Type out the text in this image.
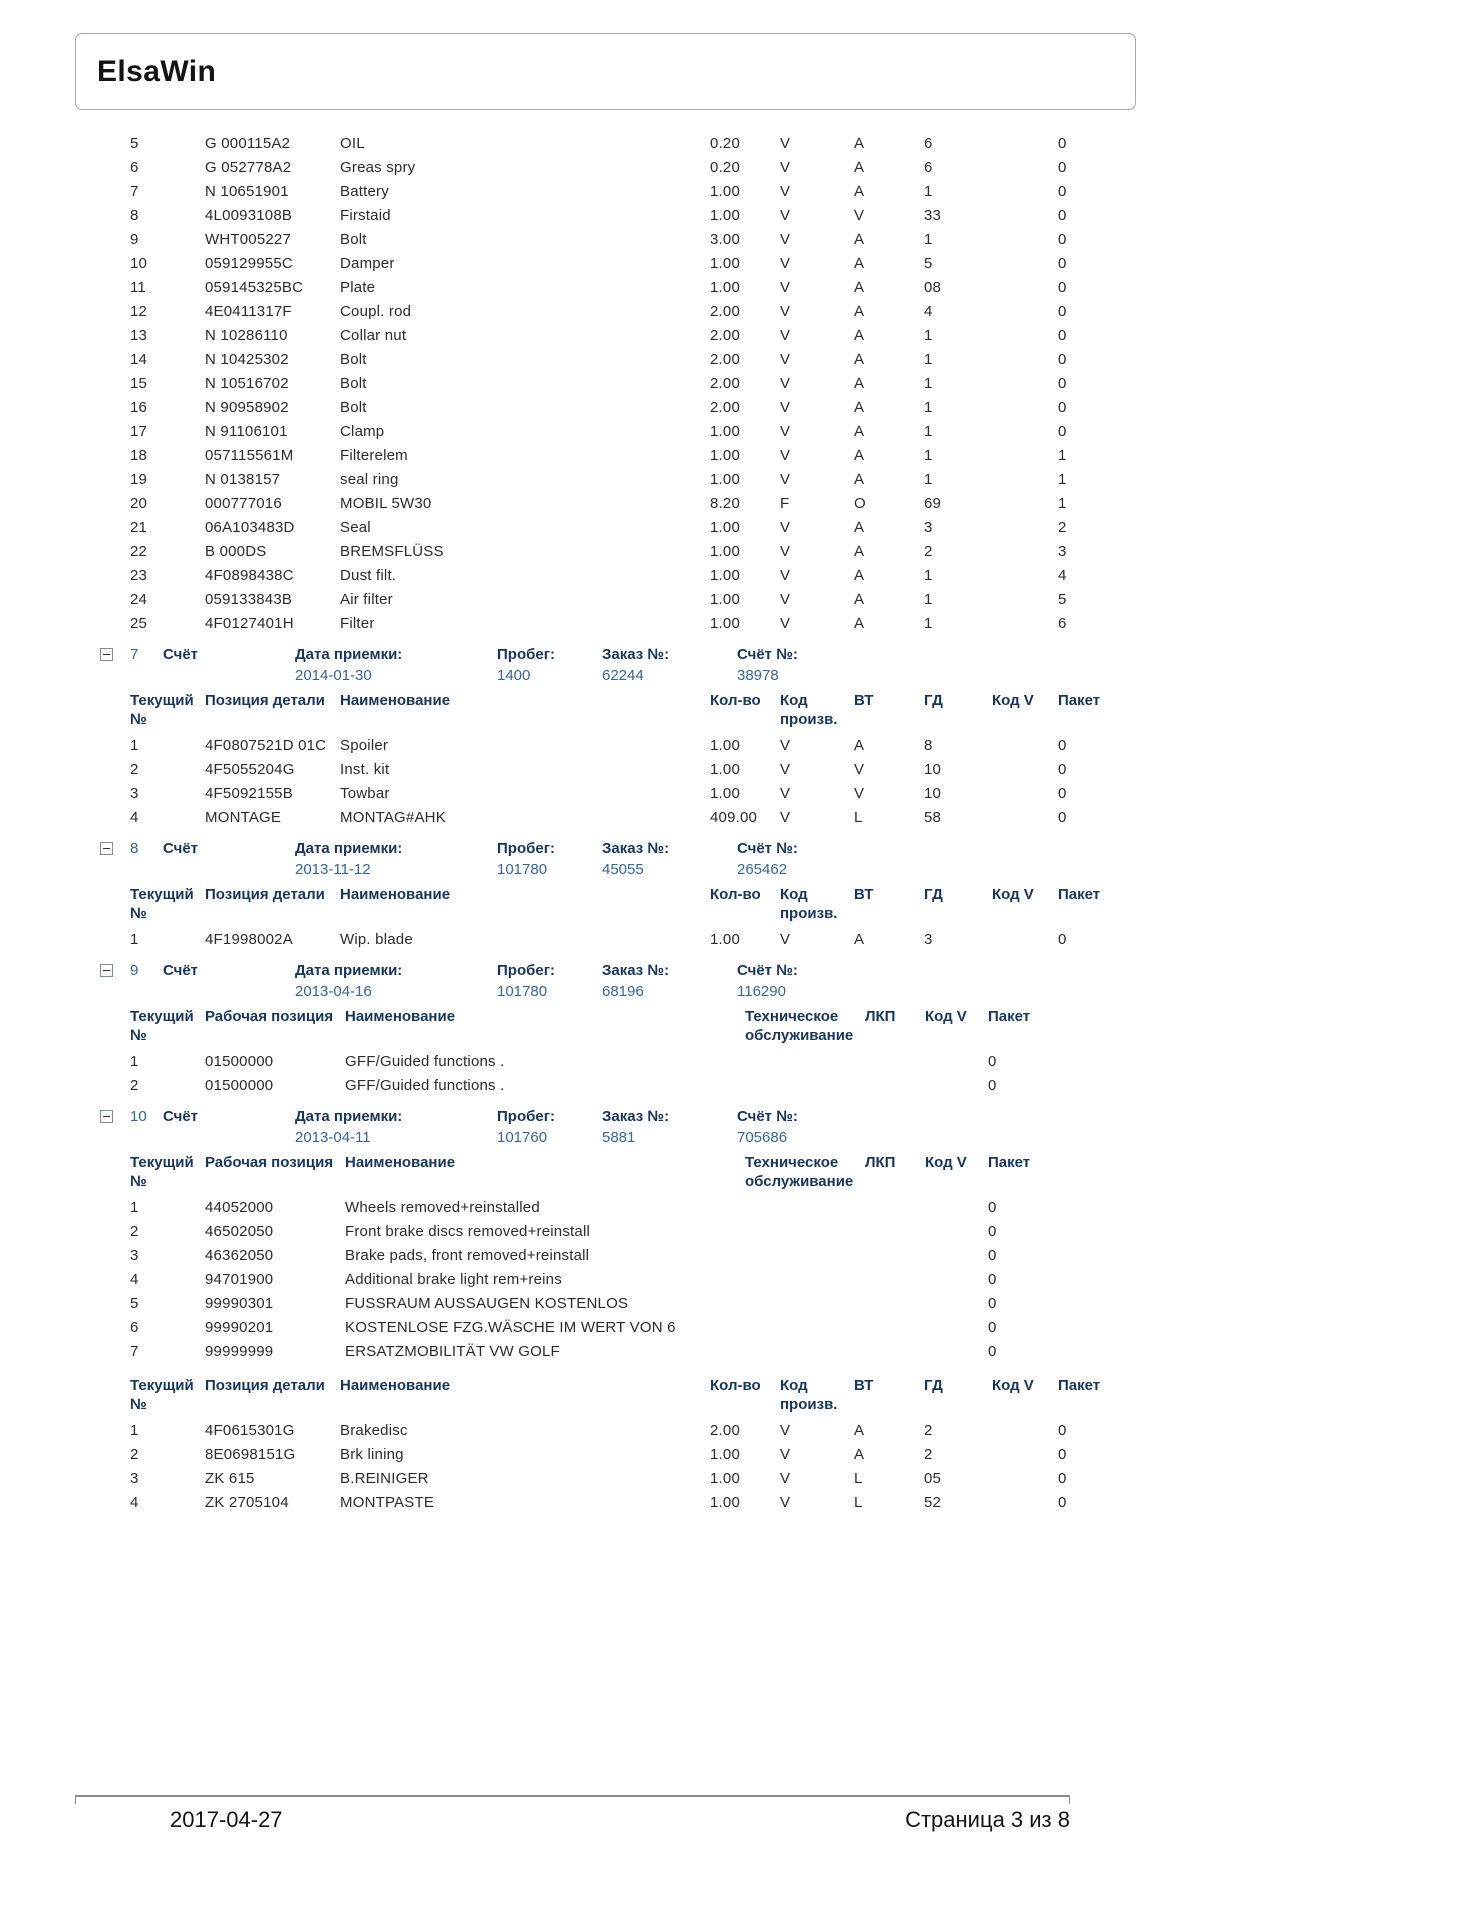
ElsaWin
5	G 000115A2	OIL	0.20	V	A	6		0
6	G 052778A2	Greas spry	0.20	V	A	6		0
7	N 10651901	Battery	1.00	V	A	1		0
8	4L0093108B	Firstaid	1.00	V	V	33		0
9	WHT005227	Bolt	3.00	V	A	1		0
10	059129955C	Damper	1.00	V	A	5		0
11	059145325BC	Plate	1.00	V	A	08		0
12	4E0411317F	Coupl. rod	2.00	V	A	4		0
13	N 10286110	Collar nut	2.00	V	A	1		0
14	N 10425302	Bolt	2.00	V	A	1		0
15	N 10516702	Bolt	2.00	V	A	1		0
16	N 90958902	Bolt	2.00	V	A	1		0
17	N 91106101	Clamp	1.00	V	A	1		0
18	057115561M	Filterelem	1.00	V	A	1		1
19	N 0138157	seal ring	1.00	V	A	1		1
20	000777016	MOBIL 5W30	8.20	F	O	69		1
21	06A103483D	Seal	1.00	V	A	3		2
22	B 000DS	BREMSFLÜSS	1.00	V	A	2		3
23	4F0898438C	Dust filt.	1.00	V	A	1		4
24	059133843B	Air filter	1.00	V	A	1		5
25	4F0127401H	Filter	1.00	V	A	1		6
7	Счёт	Дата приемки:
2014-01-30
Пробег:
1400
Заказ №:
62244
Счёт №:
38978
Текущий №	Позиция детали	Наименование	Кол-во	Код произв.	ВТ	ГД	Код V	Пакет
1	4F0807521D 01C	Spoiler	1.00	V	A	8		0
2	4F5055204G	Inst. kit	1.00	V	V	10		0
3	4F5092155B	Towbar	1.00	V	V	10		0
4	MONTAGE	MONTAG#AHK	409.00	V	L	58		0
8	Счёт	Дата приемки:
2013-11-12
Пробег:
101780
Заказ №:
45055
Счёт №:
265462
Текущий №	Позиция детали	Наименование	Кол-во	Код произв.	ВТ	ГД	Код V	Пакет
1	4F1998002A	Wip. blade	1.00	V	A	3		0
9	Счёт	Дата приемки:
2013-04-16
Пробег:
101780
Заказ №:
68196
Счёт №:
116290
Текущий №	Рабочая позиция	Наименование	Техническое обслуживание	ЛКП	Код V	Пакет
1	01500000	GFF/Guided functions .				0
2	01500000	GFF/Guided functions .				0
10	Счёт	Дата приемки:
2013-04-11
Пробег:
101760
Заказ №:
5881
Счёт №:
705686
Текущий №	Рабочая позиция	Наименование	Техническое обслуживание	ЛКП	Код V	Пакет
1	44052000	Wheels removed+reinstalled				0
2	46502050	Front brake discs removed+reinstall				0
3	46362050	Brake pads, front removed+reinstall				0
4	94701900	Additional brake light rem+reins				0
5	99990301	FUSSRAUM AUSSAUGEN KOSTENLOS				0
6	99990201	KOSTENLOSE FZG.WÄSCHE IM WERT VON 6				0
7	99999999	ERSATZMOBILITÄT VW GOLF				0
Текущий №	Позиция детали	Наименование	Кол-во	Код произв.	ВТ	ГД	Код V	Пакет
1	4F0615301G	Brakedisc	2.00	V	A	2		0
2	8E0698151G	Brk lining	1.00	V	A	2		0
3	ZK 615	B.REINIGER	1.00	V	L	05		0
4	ZK 2705104	MONTPASTE	1.00	V	L	52		0
2017-04-27	Страница 3 из 8
